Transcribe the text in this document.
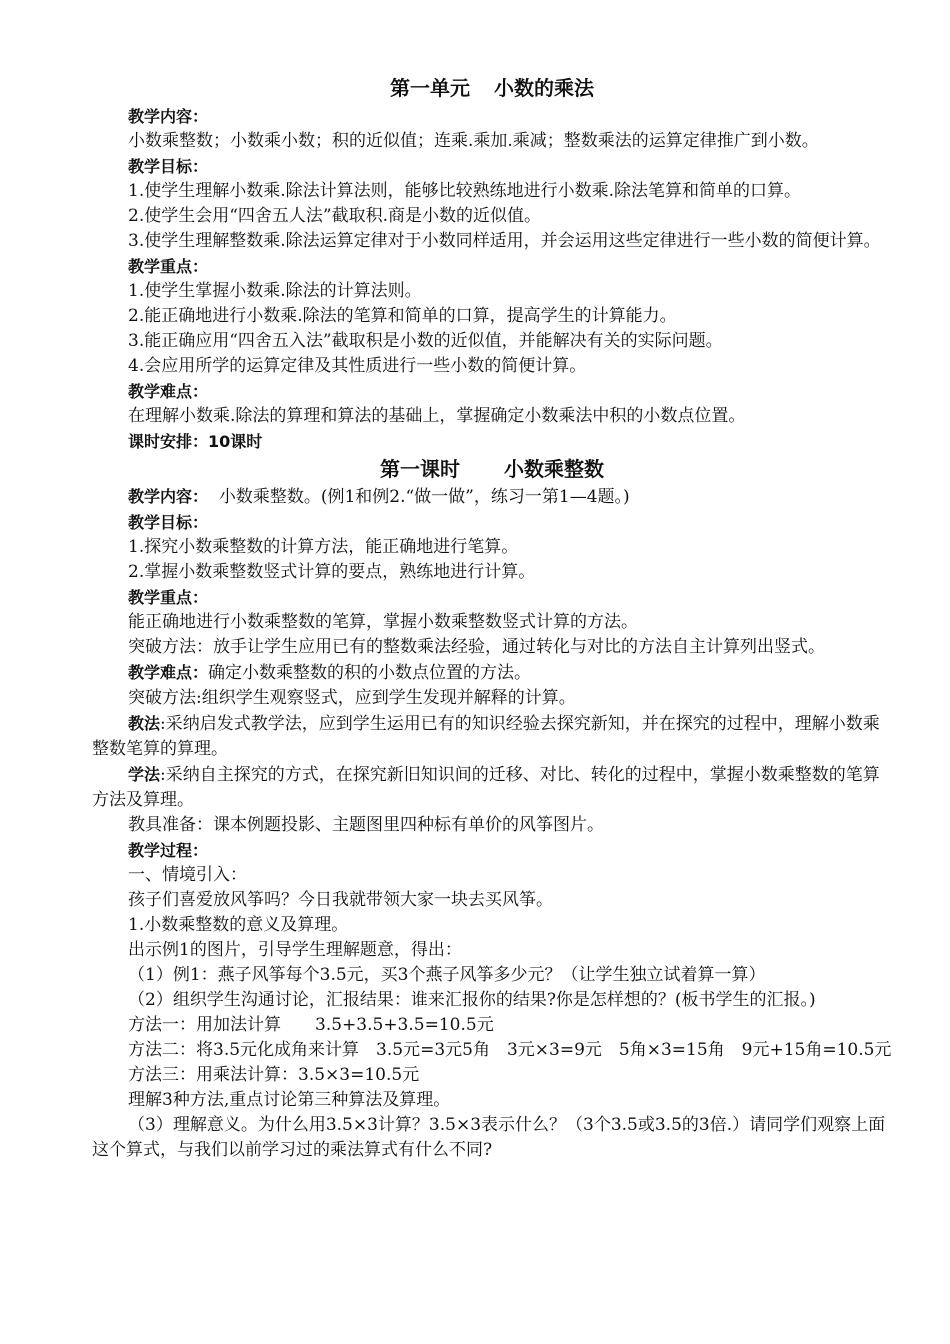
第一单元 小数的乘法

教学内容：

小数乘整数；小数乘小数；积的近似值；连乘.乘加.乘减；整数乘法的运算定律推广到小数。

教学目标：

1.使学生理解小数乘.除法计算法则，能够比较熟练地进行小数乘.除法笔算和简单的口算。

2.使学生会用“四舍五人法”截取积.商是小数的近似值。

3.使学生理解整数乘.除法运算定律对于小数同样适用，并会运用这些定律进行一些小数的简便计算。

教学重点：

1.使学生掌握小数乘.除法的计算法则。

2.能正确地进行小数乘.除法的笔算和简单的口算，提高学生的计算能力。

3.能正确应用“四舍五入法”截取积是小数的近似值，并能解决有关的实际问题。

4.会应用所学的运算定律及其性质进行一些小数的简便计算。

教学难点：

在理解小数乘.除法的算理和算法的基础上，掌握确定小数乘法中积的小数点位置。

课时安排：10课时

第一课时 小数乘整数

教学内容： 小数乘整数。(例1和例2.“做一做”，练习一第1—4题。)

教学目标：

1.探究小数乘整数的计算方法，能正确地进行笔算。

2.掌握小数乘整数竖式计算的要点，熟练地进行计算。

教学重点：

能正确地进行小数乘整数的笔算，掌握小数乘整数竖式计算的方法。

突破方法：放手让学生应用已有的整数乘法经验，通过转化与对比的方法自主计算列出竖式。

教学难点：确定小数乘整数的积的小数点位置的方法。

突破方法:组织学生观察竖式，应到学生发现并解释的计算。

教法:采纳启发式教学法，应到学生运用已有的知识经验去探究新知，并在探究的过程中，理解小数乘整数笔算的算理。

学法:采纳自主探究的方式，在探究新旧知识间的迁移、对比、转化的过程中，掌握小数乘整数的笔算方法及算理。

教具准备：课本例题投影、主题图里四种标有单价的风筝图片。

教学过程：

一、情境引入：

孩子们喜爱放风筝吗？今日我就带领大家一块去买风筝。

1.小数乘整数的意义及算理。

出示例1的图片，引导学生理解题意，得出：

（1）例1：燕子风筝每个3.5元，买3个燕子风筝多少元？（让学生独立试着算一算）

（2）组织学生沟通讨论，汇报结果：谁来汇报你的结果?你是怎样想的？(板书学生的汇报。)

方法一：用加法计算　　3.5+3.5+3.5=10.5元

方法二：将3.5元化成角来计算　3.5元=3元5角　3元×3=9元　5角×3=15角　9元+15角=10.5元

方法三：用乘法计算：3.5×3=10.5元

理解3种方法,重点讨论第三种算法及算理。

（3）理解意义。为什么用3.5×3计算？3.5×3表示什么？（3个3.5或3.5的3倍.）请同学们观察上面这个算式，与我们以前学习过的乘法算式有什么不同?
